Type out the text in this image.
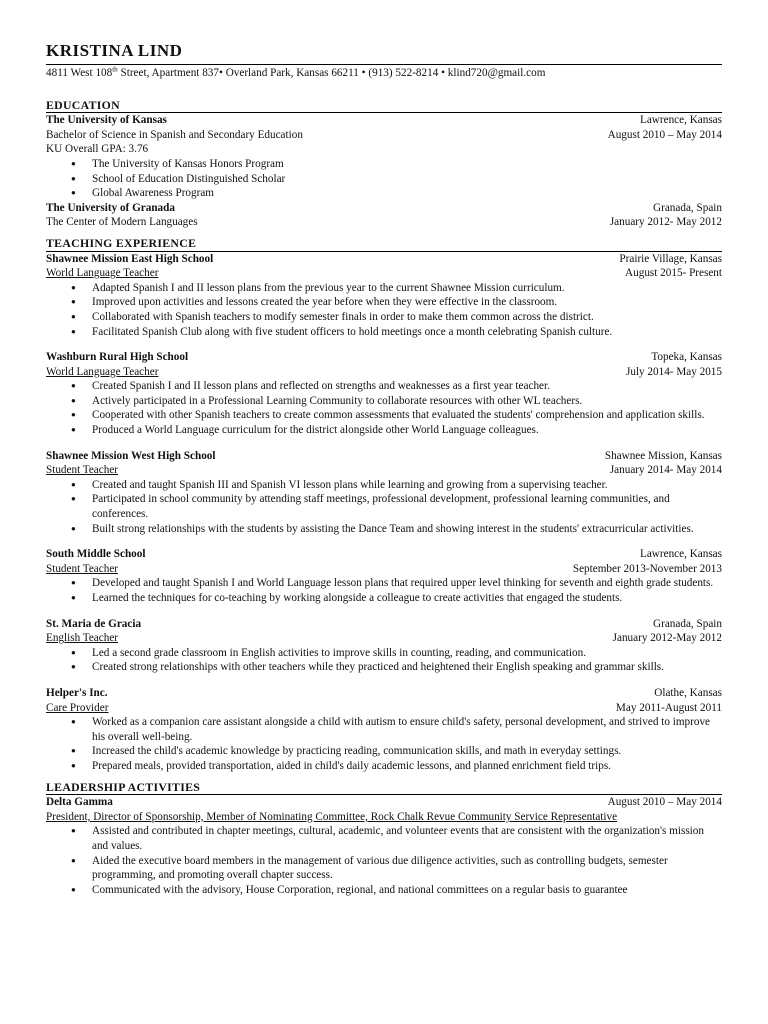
KRISTINA LIND
4811 West 108th Street, Apartment 837• Overland Park, Kansas 66211 • (913) 522-8214 • klind720@gmail.com
EDUCATION
The University of Kansas	Lawrence, Kansas
Bachelor of Science in Spanish and Secondary Education	August 2010 – May 2014
KU Overall GPA: 3.76
● The University of Kansas Honors Program
● School of Education Distinguished Scholar
● Global Awareness Program
The University of Granada	Granada, Spain
The Center of Modern Languages	January 2012- May 2012
TEACHING EXPERIENCE
Shawnee Mission East High School	Prairie Village, Kansas
World Language Teacher	August 2015- Present
● Adapted Spanish I and II lesson plans from the previous year to the current Shawnee Mission curriculum.
● Improved upon activities and lessons created the year before when they were effective in the classroom.
● Collaborated with Spanish teachers to modify semester finals in order to make them common across the district.
● Facilitated Spanish Club along with five student officers to hold meetings once a month celebrating Spanish culture.
Washburn Rural High School	Topeka, Kansas
World Language Teacher	July 2014- May 2015
● Created Spanish I and II lesson plans and reflected on strengths and weaknesses as a first year teacher.
● Actively participated in a Professional Learning Community to collaborate resources with other WL teachers.
● Cooperated with other Spanish teachers to create common assessments that evaluated the students' comprehension and application skills.
● Produced a World Language curriculum for the district alongside other World Language colleagues.
Shawnee Mission West High School	Shawnee Mission, Kansas
Student Teacher	January 2014- May 2014
● Created and taught Spanish III and Spanish VI lesson plans while learning and growing from a supervising teacher.
● Participated in school community by attending staff meetings, professional development, professional learning communities, and conferences.
● Built strong relationships with the students by assisting the Dance Team and showing interest in the students' extracurricular activities.
South Middle School	Lawrence, Kansas
Student Teacher	September 2013-November 2013
● Developed and taught Spanish I and World Language lesson plans that required upper level thinking for seventh and eighth grade students.
● Learned the techniques for co-teaching by working alongside a colleague to create activities that engaged the students.
St. Maria de Gracia	Granada, Spain
English Teacher	January 2012-May 2012
● Led a second grade classroom in English activities to improve skills in counting, reading, and communication.
● Created strong relationships with other teachers while they practiced and heightened their English speaking and grammar skills.
Helper's Inc.	Olathe, Kansas
Care Provider	May 2011-August 2011
● Worked as a companion care assistant alongside a child with autism to ensure child's safety, personal development, and strived to improve his overall well-being.
● Increased the child's academic knowledge by practicing reading, communication skills, and math in everyday settings.
● Prepared meals, provided transportation, aided in child's daily academic lessons, and planned enrichment field trips.
LEADERSHIP ACTIVITIES
Delta Gamma	August 2010 – May 2014
President, Director of Sponsorship, Member of Nominating Committee, Rock Chalk Revue Community Service Representative
● Assisted and contributed in chapter meetings, cultural, academic, and volunteer events that are consistent with the organization's mission and values.
● Aided the executive board members in the management of various due diligence activities, such as controlling budgets, semester programming, and promoting overall chapter success.
● Communicated with the advisory, House Corporation, regional, and national committees on a regular basis to guarantee
